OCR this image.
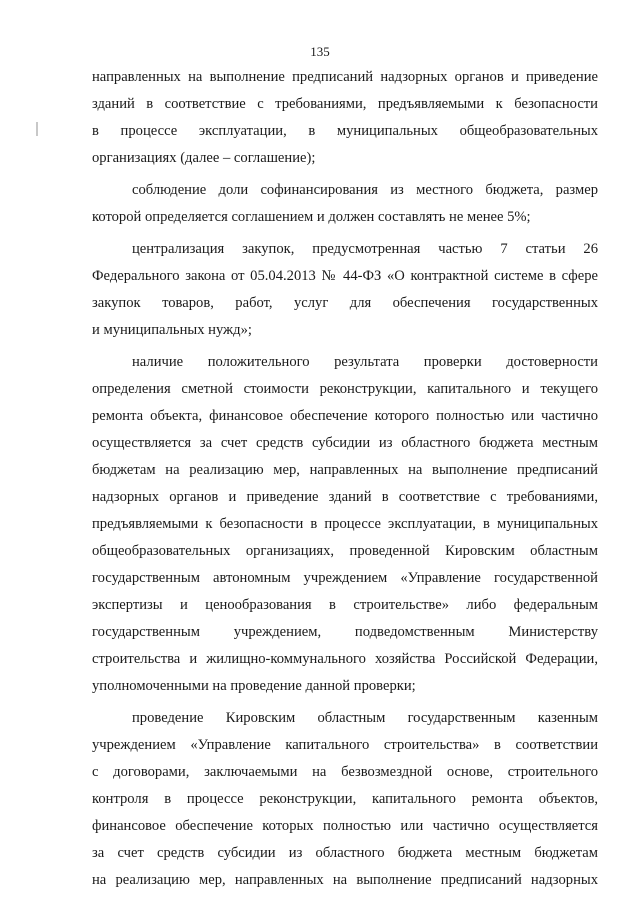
135
направленных на выполнение предписаний надзорных органов и приведение
зданий в соответствие с требованиями, предъявляемыми к безопасности
в процессе эксплуатации, в муниципальных общеобразовательных
организациях (далее – соглашение);
соблюдение доли софинансирования из местного бюджета, размер
которой определяется соглашением и должен составлять не менее 5%;
централизация закупок, предусмотренная частью 7 статьи 26
Федерального закона от 05.04.2013 № 44-ФЗ «О контрактной системе в сфере
закупок товаров, работ, услуг для обеспечения государственных
и муниципальных нужд»;
наличие положительного результата проверки достоверности
определения сметной стоимости реконструкции, капитального и текущего
ремонта объекта, финансовое обеспечение которого полностью или частично
осуществляется за счет средств субсидии из областного бюджета местным
бюджетам на реализацию мер, направленных на выполнение предписаний
надзорных органов и приведение зданий в соответствие с требованиями,
предъявляемыми к безопасности в процессе эксплуатации, в муниципальных
общеобразовательных организациях, проведенной Кировским областным
государственным автономным учреждением «Управление государственной
экспертизы и ценообразования в строительстве» либо федеральным
государственным учреждением, подведомственным Министерству
строительства и жилищно-коммунального хозяйства Российской Федерации,
уполномоченными на проведение данной проверки;
проведение Кировским областным государственным казенным
учреждением «Управление капитального строительства» в соответствии
с договорами, заключаемыми на безвозмездной основе, строительного
контроля в процессе реконструкции, капитального ремонта объектов,
финансовое обеспечение которых полностью или частично осуществляется
за счет средств субсидии из областного бюджета местным бюджетам
на реализацию мер, направленных на выполнение предписаний надзорных
